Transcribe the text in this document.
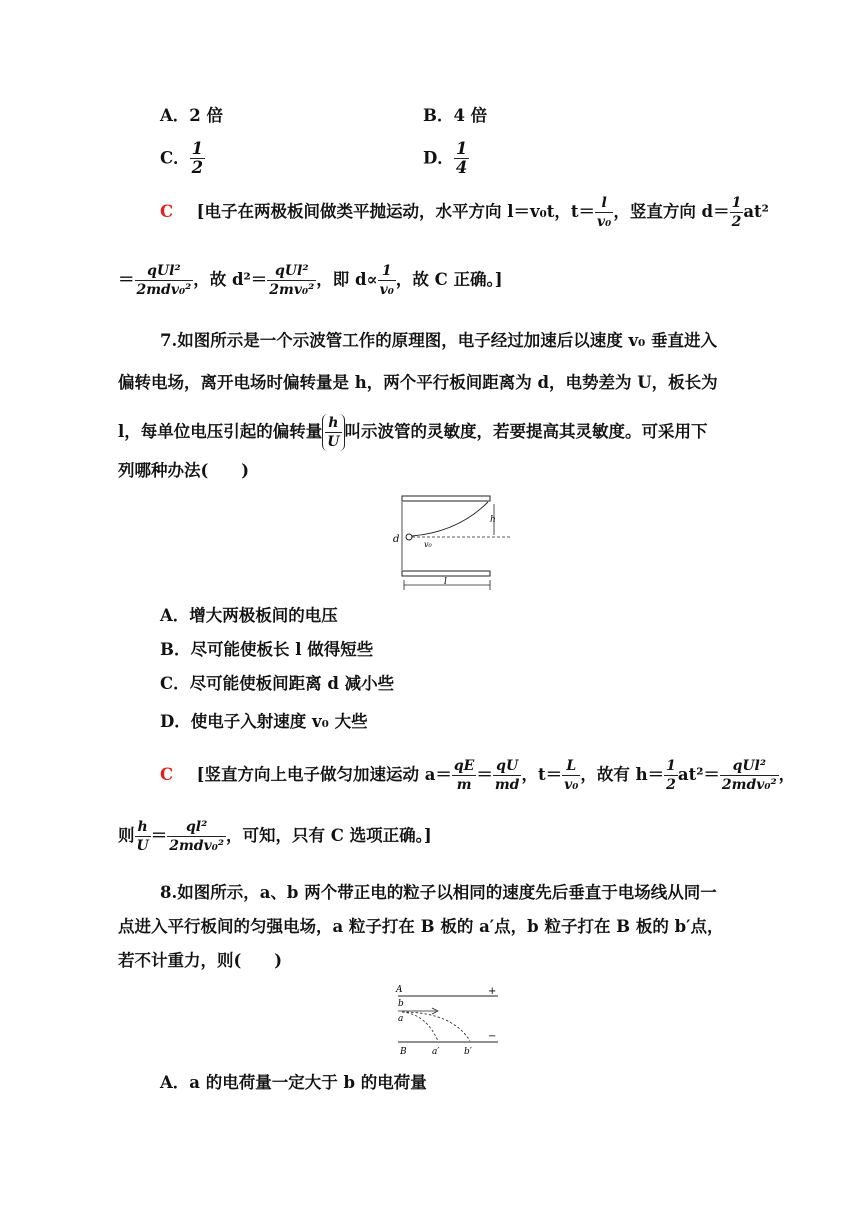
A．2 倍	B．4 倍
C． $\frac{1}{2}$	D． $\frac{1}{4}$
C [电子在两极板间做类平抛运动，水平方向 l＝v₀t，$t= \frac{l}{\text{v₀}}$ ，竖直方向 $d= \frac{1}{2} at^2$
＝ $\frac{\text{qUl²}}{\text{2mdv₀²}}$ ，故 $d^2= \frac{\text{qUl²}}{\text{2mv₀²}}$ ，即 $d\propto \frac{1}{\text{v₀}}$ ，故 C 正确。]
7.如图所示是一个示波管工作的原理图，电子经过加速后以速度 v₀ 垂直进入
偏转电场，离开电场时偏转量是 h，两个平行板间距离为 d，电势差为 U，板长为
l，每单位电压引起的偏转量 $\frac{h}{U}$ 叫示波管的灵敏度，若要提高其灵敏度。可采用下
列哪种办法(　　)
d	v₀
h
l
A．增大两极板间的电压
B．尽可能使板长 l 做得短些
C．尽可能使板间距离 d 减小些
D．使电子入射速度 v₀ 大些
C [竖直方向上电子做匀加速运动 $a= \frac{qE}{m} = \frac{qU}{md}$ ，$t= \frac{L}{\text{v₀}}$ ，故有 $h= \frac{1}{2} at^2= \frac{\text{qUl²}}{\text{2mdv₀²}}$ ，
则 $\frac{h}{U} = \frac{\text{ql²}}{\text{2mdv₀²}}$ ，可知，只有 C 选项正确。]
8.如图所示，a、b 两个带正电的粒子以相同的速度先后垂直于电场线从同一
点进入平行板间的匀强电场，a 粒子打在 B 板的 a′点，b 粒子打在 B 板的 b′点，
若不计重力，则(　　)
A	+
b
a
−
B	a′	b′
A．a 的电荷量一定大于 b 的电荷量
